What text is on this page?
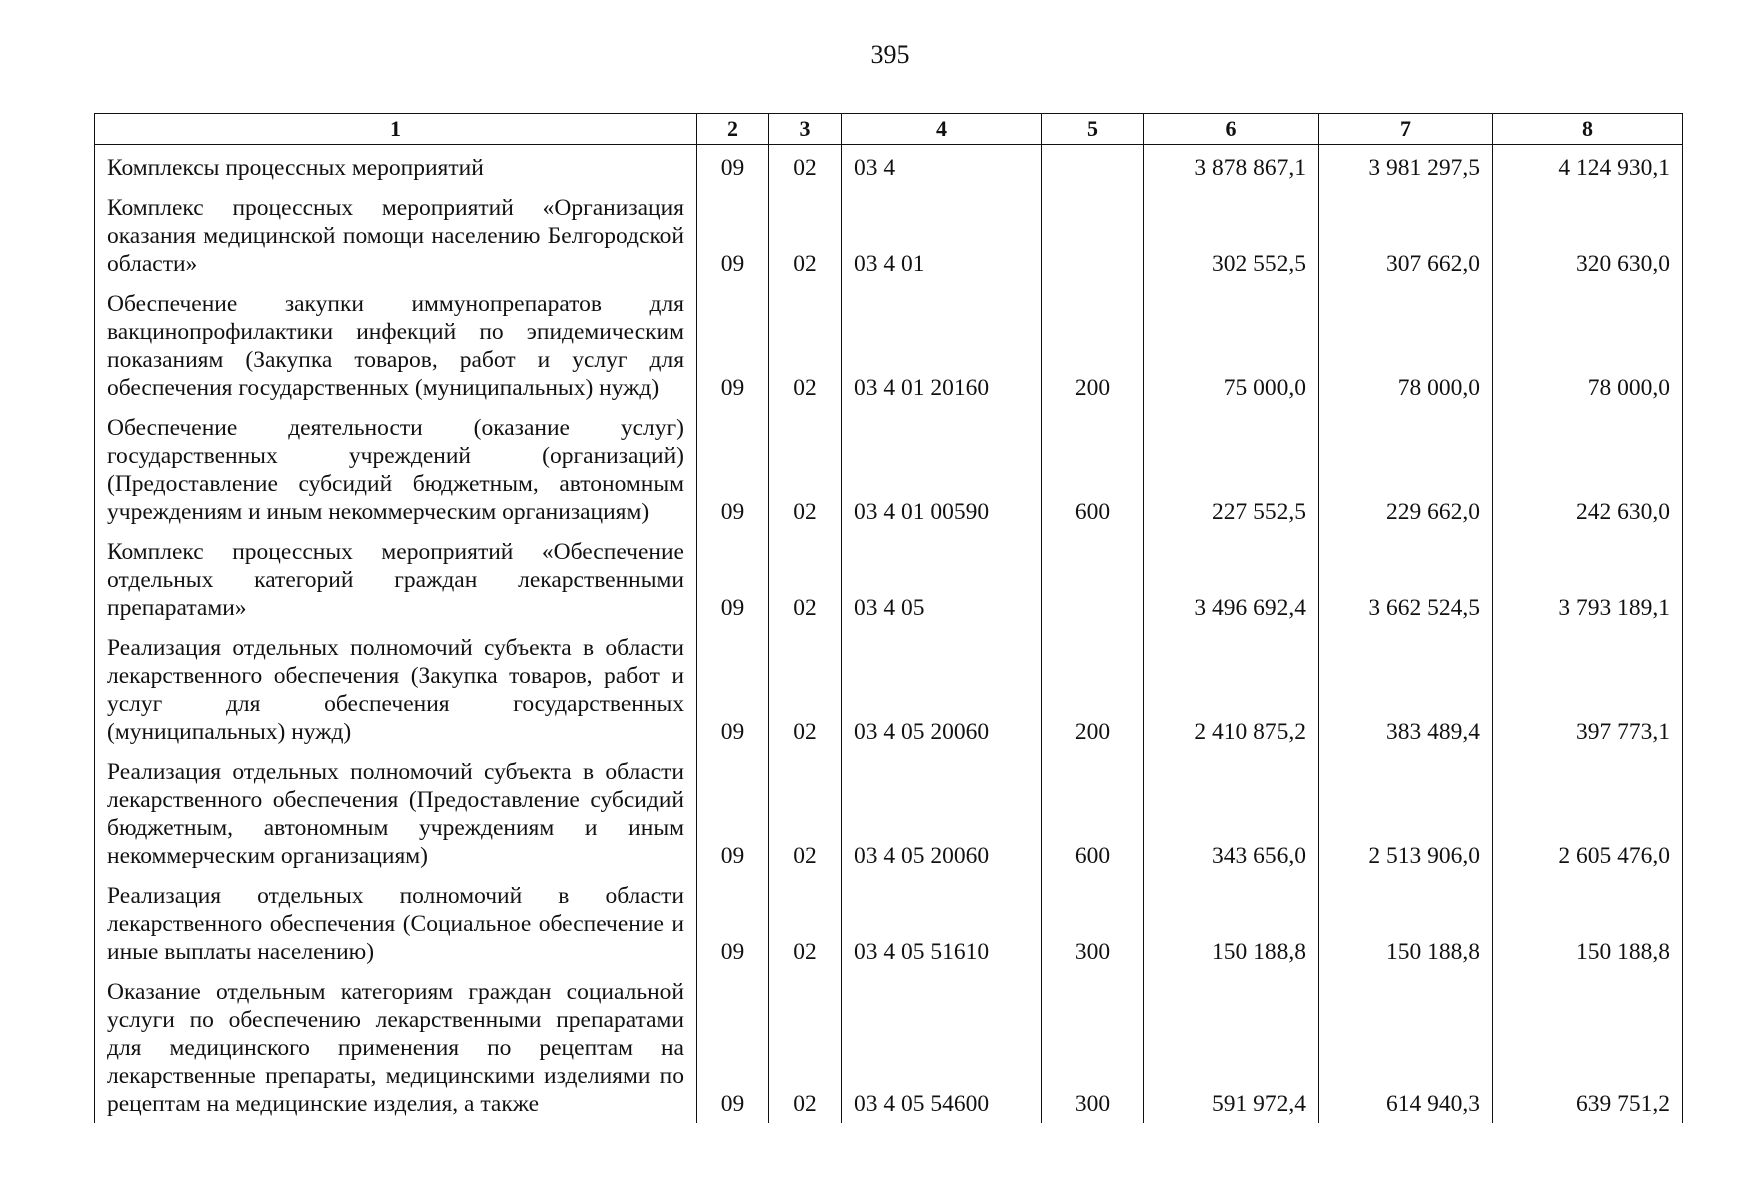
395
1	2	3	4	5	6	7	8
Комплексы процессных мероприятий	09	02	03 4		3 878 867,1	3 981 297,5	4 124 930,1
Комплекс процессных мероприятий «Организация оказания медицинской помощи населению Белгородской области»	09	02	03 4 01		302 552,5	307 662,0	320 630,0
Обеспечение закупки иммунопрепаратов для вакцинопрофилактики инфекций по эпидемическим показаниям (Закупка товаров, работ и услуг для обеспечения государственных (муниципальных) нужд)	09	02	03 4 01 20160	200	75 000,0	78 000,0	78 000,0
Обеспечение деятельности (оказание услуг) государственных учреждений (организаций) (Предоставление субсидий бюджетным, автономным учреждениям и иным некоммерческим организациям)	09	02	03 4 01 00590	600	227 552,5	229 662,0	242 630,0
Комплекс процессных мероприятий «Обеспечение отдельных категорий граждан лекарственными препаратами»	09	02	03 4 05		3 496 692,4	3 662 524,5	3 793 189,1
Реализация отдельных полномочий субъекта в области лекарственного обеспечения (Закупка товаров, работ и услуг для обеспечения государственных (муниципальных) нужд)	09	02	03 4 05 20060	200	2 410 875,2	383 489,4	397 773,1
Реализация отдельных полномочий субъекта в области лекарственного обеспечения (Предоставление субсидий бюджетным, автономным учреждениям и иным некоммерческим организациям)	09	02	03 4 05 20060	600	343 656,0	2 513 906,0	2 605 476,0
Реализация отдельных полномочий в области лекарственного обеспечения (Социальное обеспечение и иные выплаты населению)	09	02	03 4 05 51610	300	150 188,8	150 188,8	150 188,8
Оказание отдельным категориям граждан социальной услуги по обеспечению лекарственными препаратами для медицинского применения по рецептам на лекарственные препараты, медицинскими изделиями по рецептам на медицинские изделия, а также	09	02	03 4 05 54600	300	591 972,4	614 940,3	639 751,2
